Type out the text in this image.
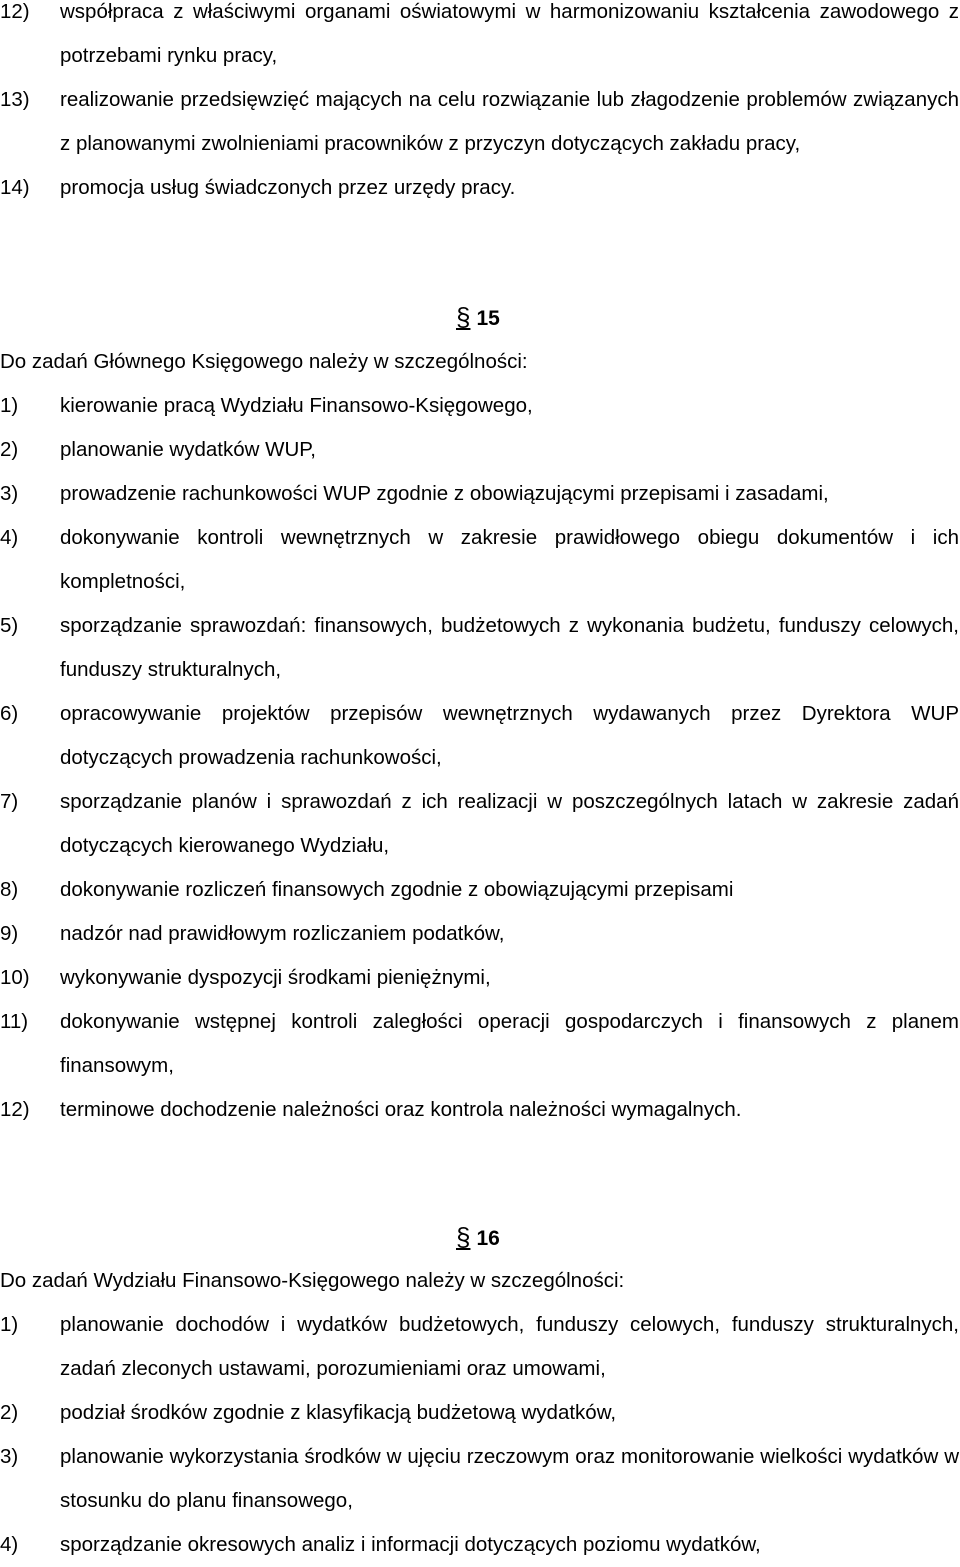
12)	współpraca z właściwymi organami oświatowymi w harmonizowaniu kształcenia zawodowego z potrzebami rynku pracy,
13)	realizowanie przedsięwzięć mających na celu rozwiązanie lub złagodzenie problemów związanych z planowanymi zwolnieniami pracowników z przyczyn dotyczących zakładu pracy,
14)	promocja usług świadczonych przez urzędy pracy.
§ 15
Do zadań Głównego Księgowego należy w szczególności:
1)	kierowanie pracą Wydziału Finansowo-Księgowego,
2)	planowanie wydatków WUP,
3)	prowadzenie rachunkowości WUP zgodnie z obowiązującymi przepisami i zasadami,
4)	dokonywanie kontroli wewnętrznych w zakresie prawidłowego obiegu dokumentów i ich kompletności,
5)	sporządzanie sprawozdań: finansowych, budżetowych z wykonania budżetu, funduszy celowych, funduszy strukturalnych,
6)	opracowywanie projektów przepisów wewnętrznych wydawanych przez Dyrektora WUP dotyczących prowadzenia rachunkowości,
7)	sporządzanie planów i sprawozdań z ich realizacji w poszczególnych latach w zakresie zadań dotyczących kierowanego Wydziału,
8)	dokonywanie rozliczeń finansowych zgodnie z obowiązującymi przepisami
9)	nadzór nad prawidłowym rozliczaniem podatków,
10)	wykonywanie dyspozycji środkami pieniężnymi,
11)	dokonywanie wstępnej kontroli zaległości operacji gospodarczych i finansowych z planem finansowym,
12)	terminowe dochodzenie należności oraz kontrola należności wymagalnych.
§ 16
Do zadań Wydziału Finansowo-Księgowego należy w szczególności:
1)	planowanie dochodów i wydatków budżetowych, funduszy celowych, funduszy strukturalnych, zadań zleconych ustawami, porozumieniami oraz umowami,
2)	podział środków zgodnie z klasyfikacją budżetową wydatków,
3)	planowanie wykorzystania środków w ujęciu rzeczowym oraz monitorowanie wielkości wydatków w stosunku do planu finansowego,
4)	sporządzanie okresowych analiz i informacji dotyczących poziomu wydatków,
